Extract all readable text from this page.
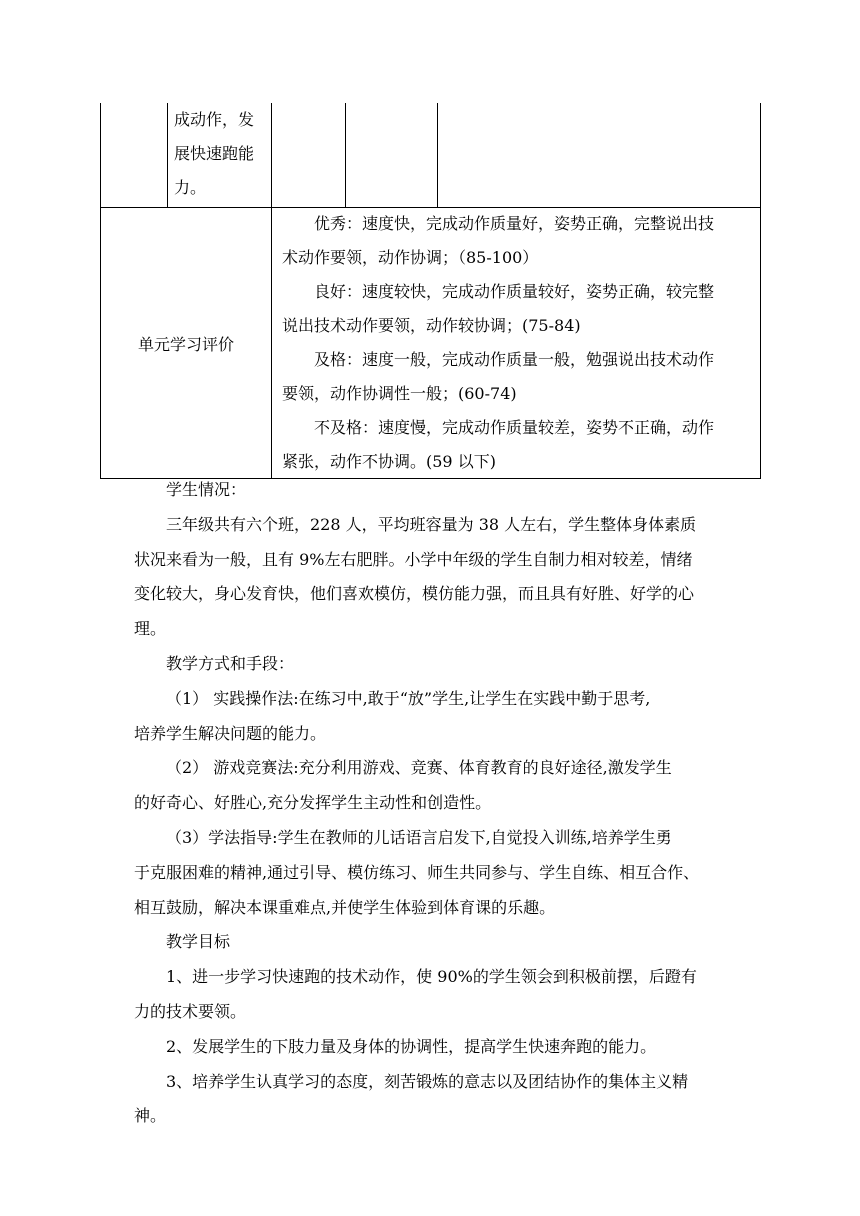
成动作，发
展快速跑能
力。
单元学习评价
优秀：速度快，完成动作质量好，姿势正确，完整说出技
术动作要领，动作协调；（85-100）
良好：速度较快，完成动作质量较好，姿势正确，较完整
说出技术动作要领，动作较协调；(75-84)
及格：速度一般，完成动作质量一般，勉强说出技术动作
要领，动作协调性一般；(60-74)
不及格：速度慢，完成动作质量较差，姿势不正确，动作
紧张，动作不协调。(59 以下)
学生情况：
三年级共有六个班，228 人，平均班容量为 38 人左右，学生整体身体素质
状况来看为一般，且有 9%左右肥胖。小学中年级的学生自制力相对较差，情绪
变化较大，身心发育快，他们喜欢模仿，模仿能力强，而且具有好胜、好学的心
理。
教学方式和手段：
（1） 实践操作法:在练习中,敢于“放”学生,让学生在实践中勤于思考,
培养学生解决问题的能力。
（2） 游戏竞赛法:充分利用游戏、竞赛、体育教育的良好途径,激发学生
的好奇心、好胜心,充分发挥学生主动性和创造性。
（3）学法指导:学生在教师的儿话语言启发下,自觉投入训练,培养学生勇
于克服困难的精神,通过引导、模仿练习、师生共同参与、学生自练、相互合作、
相互鼓励，解决本课重难点,并使学生体验到体育课的乐趣。
教学目标
1、进一步学习快速跑的技术动作，使 90%的学生领会到积极前摆，后蹬有
力的技术要领。
2、发展学生的下肢力量及身体的协调性，提高学生快速奔跑的能力。
3、培养学生认真学习的态度，刻苦锻炼的意志以及团结协作的集体主义精
神。
